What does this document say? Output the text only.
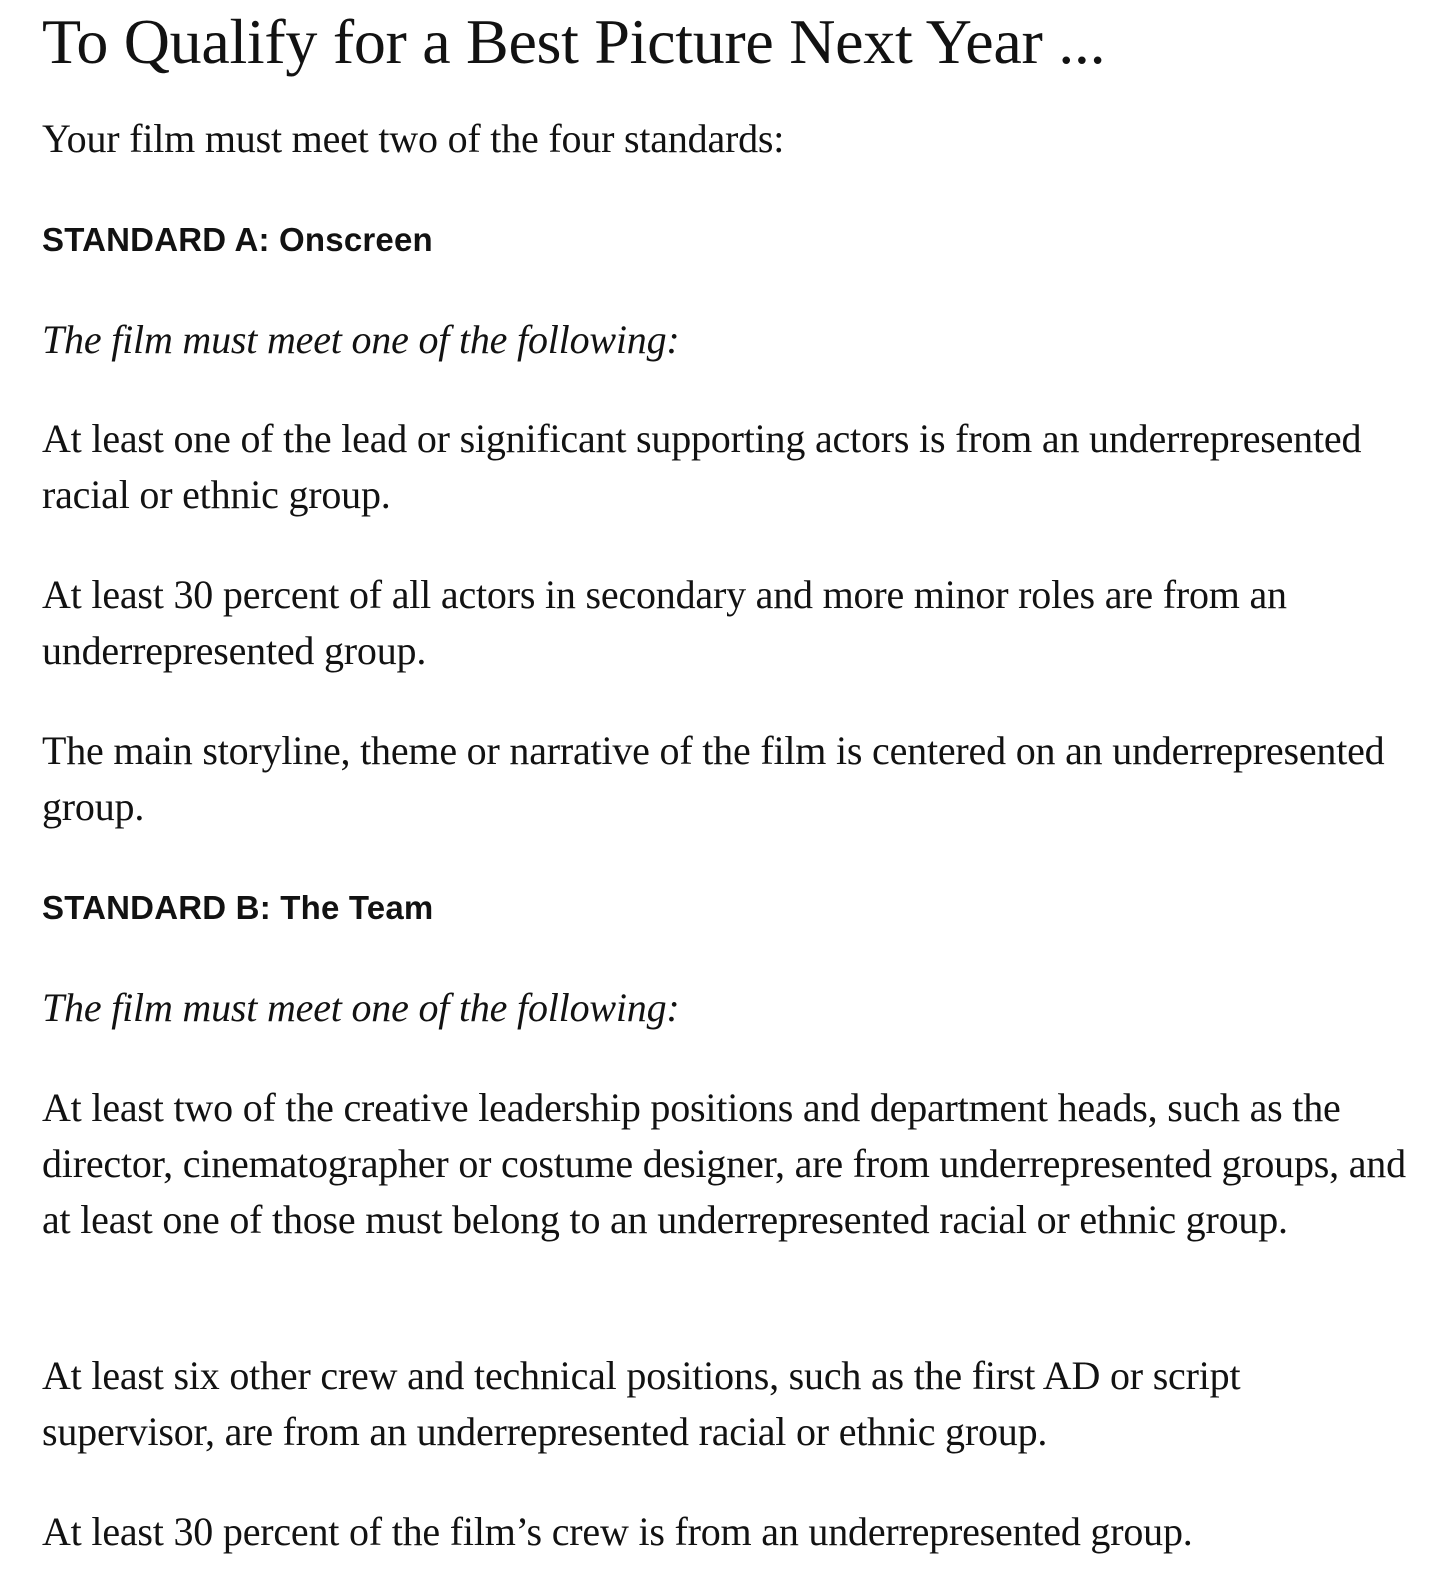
To Qualify for a Best Picture Next Year ...

Your film must meet two of the four standards:

STANDARD A: Onscreen

The film must meet one of the following:

At least one of the lead or significant supporting actors is from an underrepresented racial or ethnic group.

At least 30 percent of all actors in secondary and more minor roles are from an underrepresented group.

The main storyline, theme or narrative of the film is centered on an underrepresented group.

STANDARD B: The Team

The film must meet one of the following:

At least two of the creative leadership positions and department heads, such as the director, cinematographer or costume designer, are from underrepresented groups, and at least one of those must belong to an underrepresented racial or ethnic group.

At least six other crew and technical positions, such as the first AD or script supervisor, are from an underrepresented racial or ethnic group.

At least 30 percent of the film’s crew is from an underrepresented group.
